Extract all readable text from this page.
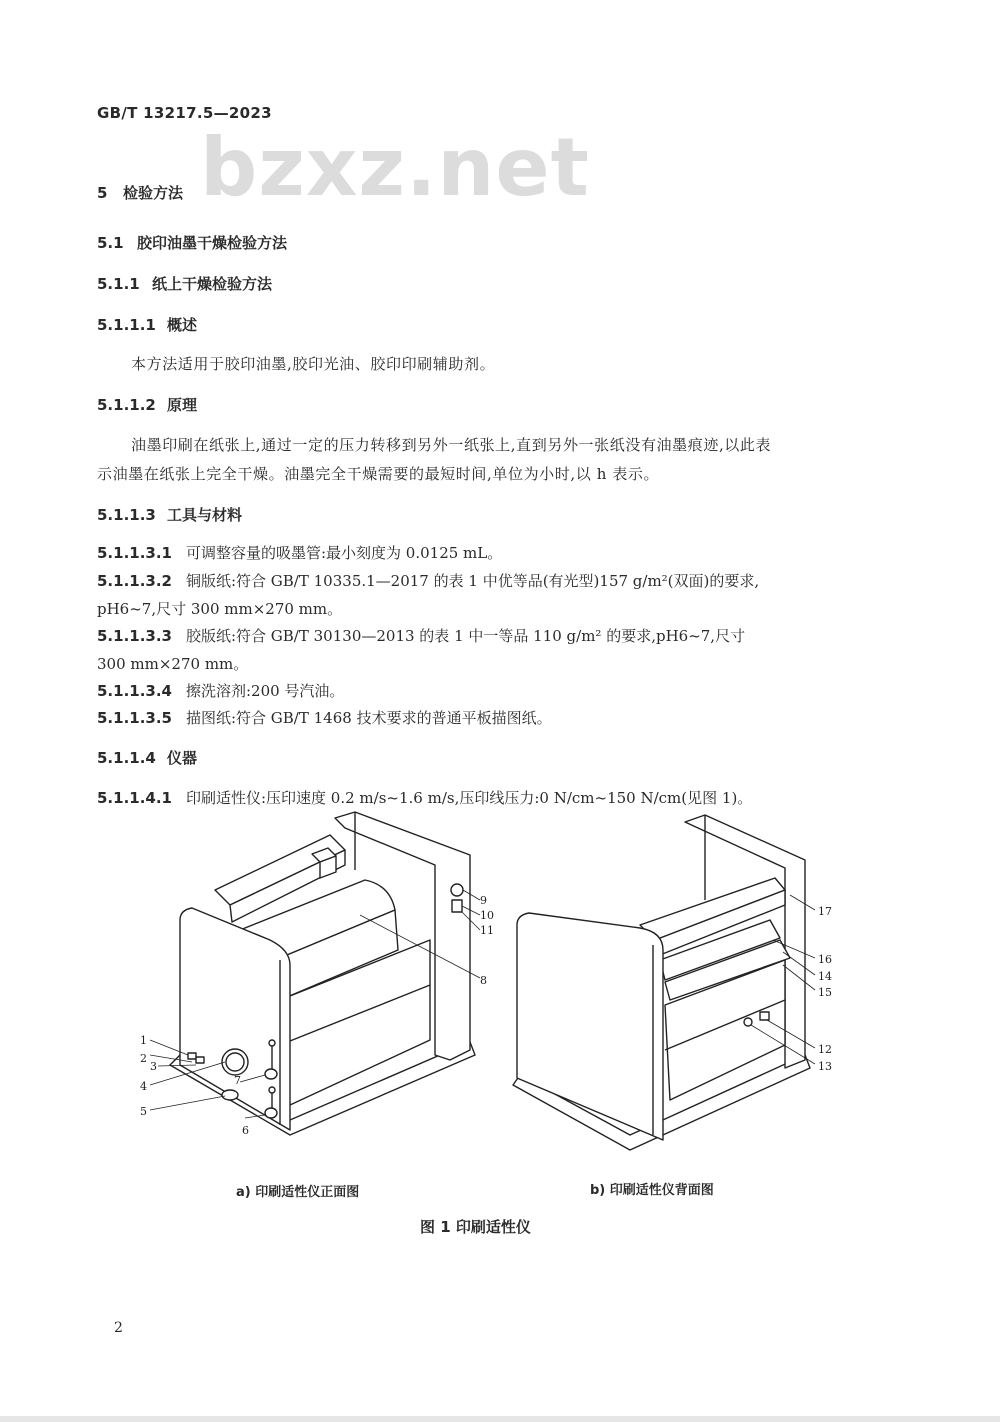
GB/T 13217.5—2023
bzxz.net
5 检验方法
5.1 胶印油墨干燥检验方法
5.1.1 纸上干燥检验方法
5.1.1.1 概述
本方法适用于胶印油墨,胶印光油、胶印印刷辅助剂。
5.1.1.2 原理
油墨印刷在纸张上,通过一定的压力转移到另外一纸张上,直到另外一张纸没有油墨痕迹,以此表
示油墨在纸张上完全干燥。油墨完全干燥需要的最短时间,单位为小时,以 h 表示。
5.1.1.3 工具与材料
5.1.1.3.1 可调整容量的吸墨管:最小刻度为 0.0125 mL。
5.1.1.3.2 铜版纸:符合 GB/T 10335.1—2017 的表 1 中优等品(有光型)157 g/m²(双面)的要求,
pH6~7,尺寸 300 mm×270 mm。
5.1.1.3.3 胶版纸:符合 GB/T 30130—2013 的表 1 中一等品 110 g/m² 的要求,pH6~7,尺寸
300 mm×270 mm。
5.1.1.3.4 擦洗溶剂:200 号汽油。
5.1.1.3.5 描图纸:符合 GB/T 1468 技术要求的普通平板描图纸。
5.1.1.4 仪器
5.1.1.4.1 印刷适性仪:压印速度 0.2 m/s~1.6 m/s,压印线压力:0 N/cm~150 N/cm(见图 1)。
1
2
3
4
5
6
7
8
9
10
11
17
16
14
15
12
13
a) 印刷适性仪正面图	b) 印刷适性仪背面图
图 1 印刷适性仪
2
